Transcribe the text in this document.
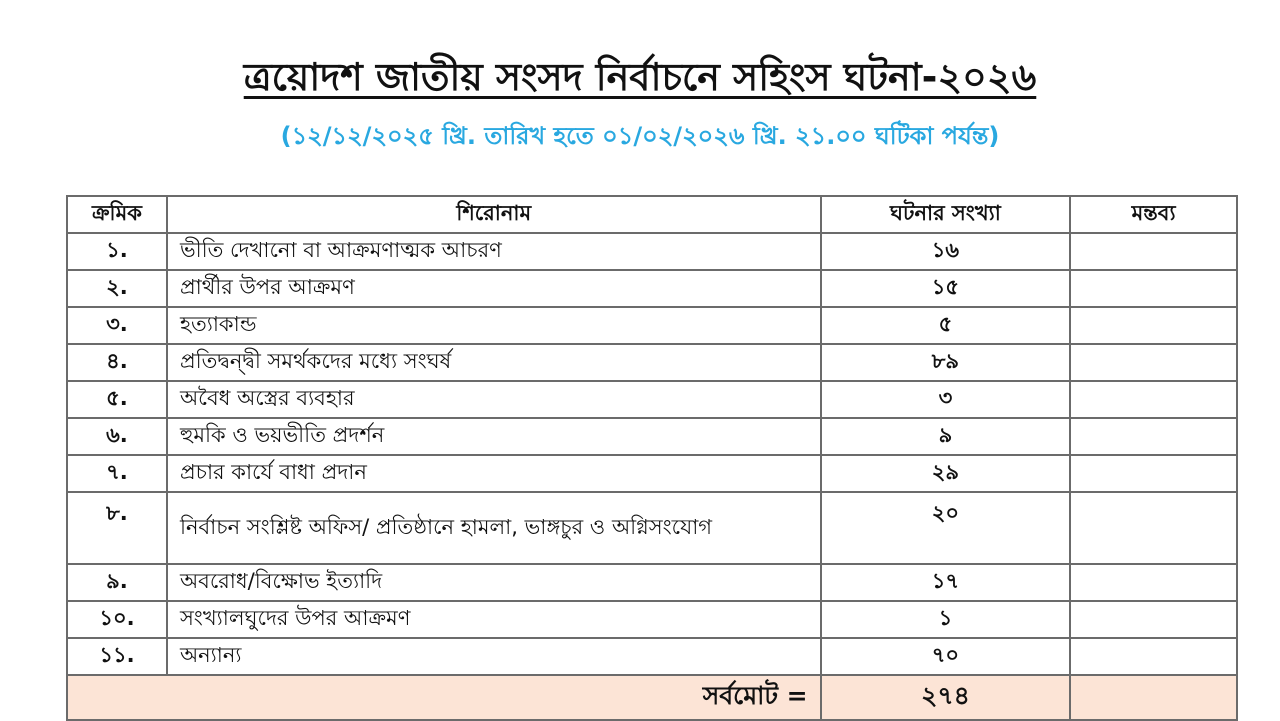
ত্রয়োদশ জাতীয় সংসদ নির্বাচনে সহিংস ঘটনা-২০২৬
(১২/১২/২০২৫ খ্রি. তারিখ হতে ০১/০২/২০২৬ খ্রি. ২১.০০ ঘটিকা পর্যন্ত)
ক্রমিক	শিরোনাম	ঘটনার সংখ্যা	মন্তব্য
১.	ভীতি দেখানো বা আক্রমণাত্মক আচরণ	১৬	
২.	প্রার্থীর উপর আক্রমণ	১৫	
৩.	হত্যাকান্ড	৫	
৪.	প্রতিদ্বন্দ্বী সমর্থকদের মধ্যে সংঘর্ষ	৮৯	
৫.	অবৈধ অস্ত্রের ব্যবহার	৩	
৬.	হুমকি ও ভয়ভীতি প্রদর্শন	৯	
৭.	প্রচার কার্যে বাধা প্রদান	২৯	
৮.	নির্বাচন সংশ্লিষ্ট অফিস/ প্রতিষ্ঠানে হামলা, ভাঙ্গচুর ও অগ্নিসংযোগ	২০	
৯.	অবরোধ/বিক্ষোভ ইত্যাদি	১৭	
১০.	সংখ্যালঘুদের উপর আক্রমণ	১	
১১.	অন্যান্য	৭০	
সর্বমোট =		২৭৪	
